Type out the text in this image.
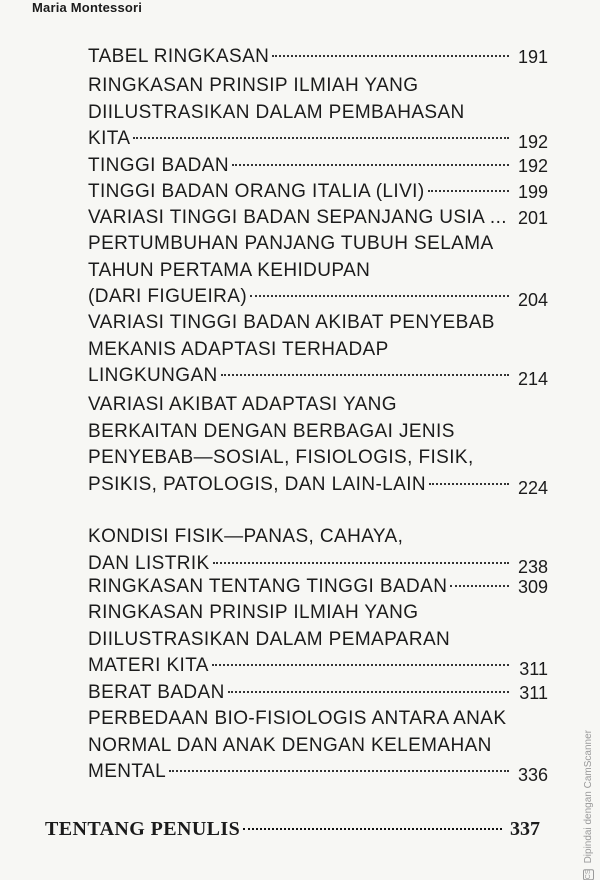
Maria Montessori
TABEL RINGKASAN	191
RINGKASAN PRINSIP ILMIAH YANG
DIILUSTRASIKAN DALAM PEMBAHASAN
KITA	192
TINGGI BADAN	192
TINGGI BADAN ORANG ITALIA (LIVI)	199
VARIASI TINGGI BADAN SEPANJANG USIA ... 201
PERTUMBUHAN PANJANG TUBUH SELAMA
TAHUN PERTAMA KEHIDUPAN
(DARI FIGUEIRA)	204
VARIASI TINGGI BADAN AKIBAT PENYEBAB
MEKANIS ADAPTASI TERHADAP
LINGKUNGAN	214
VARIASI AKIBAT ADAPTASI YANG
BERKAITAN DENGAN BERBAGAI JENIS
PENYEBAB—SOSIAL, FISIOLOGIS, FISIK,
PSIKIS, PATOLOGIS, DAN LAIN-LAIN	224
KONDISI FISIK—PANAS, CAHAYA,
DAN LISTRIK	238
RINGKASAN TENTANG TINGGI BADAN	309
RINGKASAN PRINSIP ILMIAH YANG
DIILUSTRASIKAN DALAM PEMAPARAN
MATERI KITA	311
BERAT BADAN	311
PERBEDAAN BIO-FISIOLOGIS ANTARA ANAK
NORMAL DAN ANAK DENGAN KELEMAHAN
MENTAL	336
TENTANG PENULIS	337
CS Dipindai dengan CamScanner
